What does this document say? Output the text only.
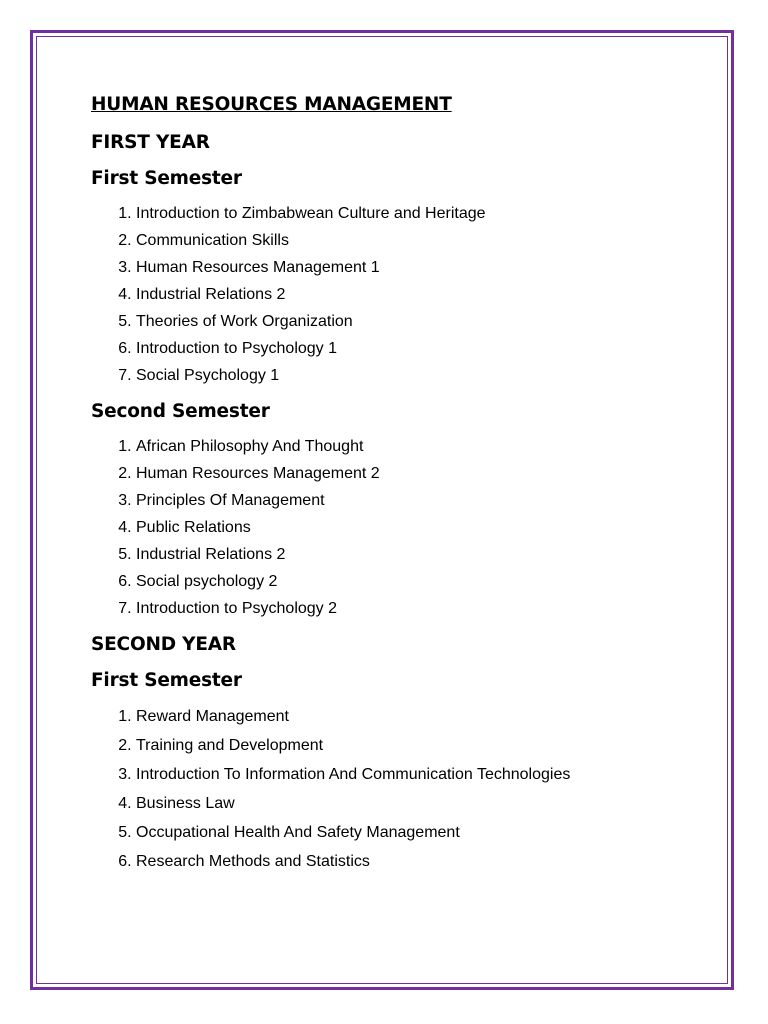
HUMAN RESOURCES MANAGEMENT
FIRST YEAR
First Semester
1. Introduction to Zimbabwean Culture and Heritage
2. Communication Skills
3. Human Resources Management 1
4. Industrial Relations 2
5. Theories of Work Organization
6. Introduction to Psychology 1
7. Social Psychology 1
Second Semester
1. African Philosophy And Thought
2. Human Resources Management 2
3. Principles Of Management
4. Public Relations
5. Industrial Relations 2
6. Social psychology 2
7. Introduction to Psychology 2
SECOND YEAR
First Semester
1. Reward Management
2. Training and Development
3. Introduction To Information And Communication Technologies
4. Business Law
5. Occupational Health And Safety Management
6. Research Methods and Statistics
